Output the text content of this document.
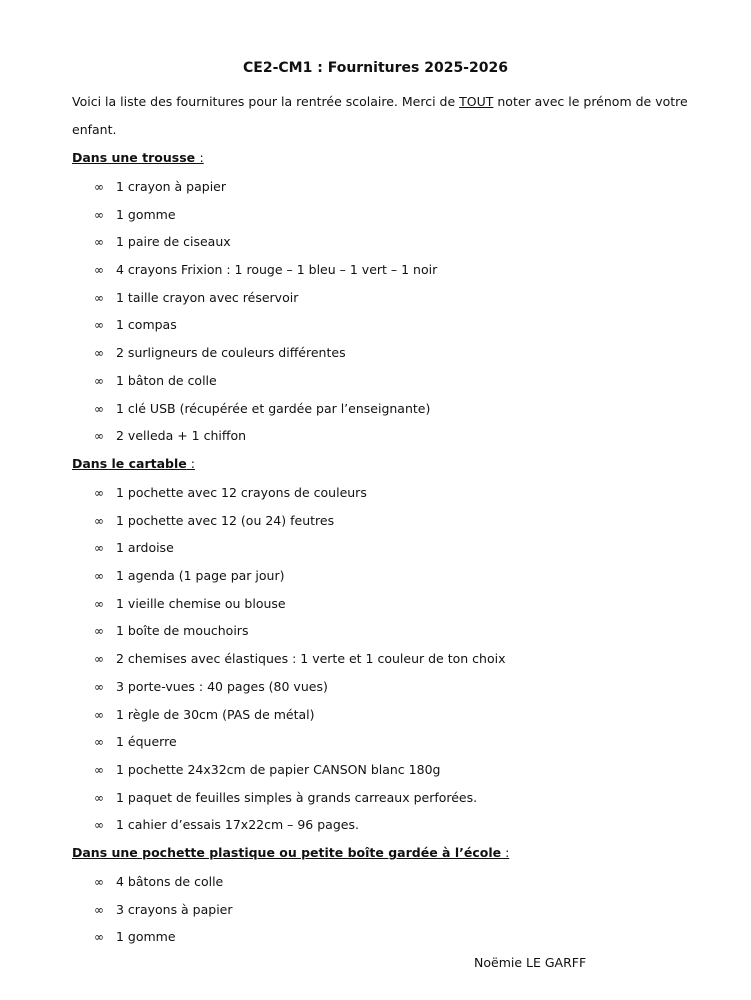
CE2-CM1 : Fournitures 2025-2026
Voici la liste des fournitures pour la rentrée scolaire. Merci de TOUT noter avec le prénom de votre enfant.
Dans une trousse :
∞ 1 crayon à papier
∞ 1 gomme
∞ 1 paire de ciseaux
∞ 4 crayons Frixion : 1 rouge – 1 bleu – 1 vert – 1 noir
∞ 1 taille crayon avec réservoir
∞ 1 compas
∞ 2 surligneurs de couleurs différentes
∞ 1 bâton de colle
∞ 1 clé USB (récupérée et gardée par l’enseignante)
∞ 2 velleda + 1 chiffon
Dans le cartable :
∞ 1 pochette avec 12 crayons de couleurs
∞ 1 pochette avec 12 (ou 24) feutres
∞ 1 ardoise
∞ 1 agenda (1 page par jour)
∞ 1 vieille chemise ou blouse
∞ 1 boîte de mouchoirs
∞ 2 chemises avec élastiques : 1 verte et 1 couleur de ton choix
∞ 3 porte-vues : 40 pages (80 vues)
∞ 1 règle de 30cm (PAS de métal)
∞ 1 équerre
∞ 1 pochette 24x32cm de papier CANSON blanc 180g
∞ 1 paquet de feuilles simples à grands carreaux perforées.
∞ 1 cahier d’essais 17x22cm – 96 pages.
Dans une pochette plastique ou petite boîte gardée à l’école :
∞ 4 bâtons de colle
∞ 3 crayons à papier
∞ 1 gomme
Noëmie LE GARFF
